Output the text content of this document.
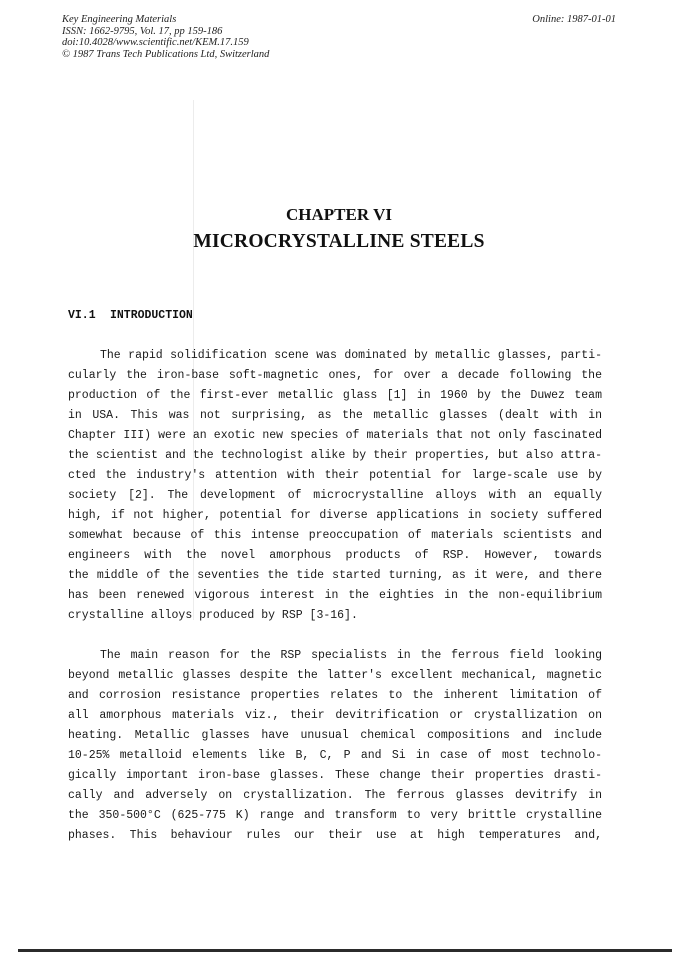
Key Engineering Materials
ISSN: 1662-9795, Vol. 17, pp 159-186
doi:10.4028/www.scientific.net/KEM.17.159
© 1987 Trans Tech Publications Ltd, Switzerland
Online: 1987-01-01
CHAPTER VI
MICROCRYSTALLINE STEELS
VI.1 INTRODUCTION
The rapid solidification scene was dominated by metallic glasses, parti-
cularly the iron-base soft-magnetic ones, for over a decade following the
production of the first-ever metallic glass [1] in 1960 by the Duwez team
in USA. This was not surprising, as the metallic glasses (dealt with in
Chapter III) were an exotic new species of materials that not only fascinated
the scientist and the technologist alike by their properties, but also attra-
cted the industry's attention with their potential for large-scale use by
society [2]. The development of microcrystalline alloys with an equally
high, if not higher, potential for diverse applications in society suffered
somewhat because of this intense preoccupation of materials scientists and
engineers with the novel amorphous products of RSP. However, towards
the middle of the seventies the tide started turning, as it were, and there
has been renewed vigorous interest in the eighties in the non-equilibrium
crystalline alloys produced by RSP [3-16].
The main reason for the RSP specialists in the ferrous field looking
beyond metallic glasses despite the latter's excellent mechanical, magnetic
and corrosion resistance properties relates to the inherent limitation of
all amorphous materials viz., their devitrification or crystallization on
heating. Metallic glasses have unusual chemical compositions and include
10-25% metalloid elements like B, C, P and Si in case of most technolo-
gically important iron-base glasses. These change their properties drasti-
cally and adversely on crystallization. The ferrous glasses devitrify in
the 350-500°C (625-775 K) range and transform to very brittle crystalline
phases. This behaviour rules our their use at high temperatures and,
